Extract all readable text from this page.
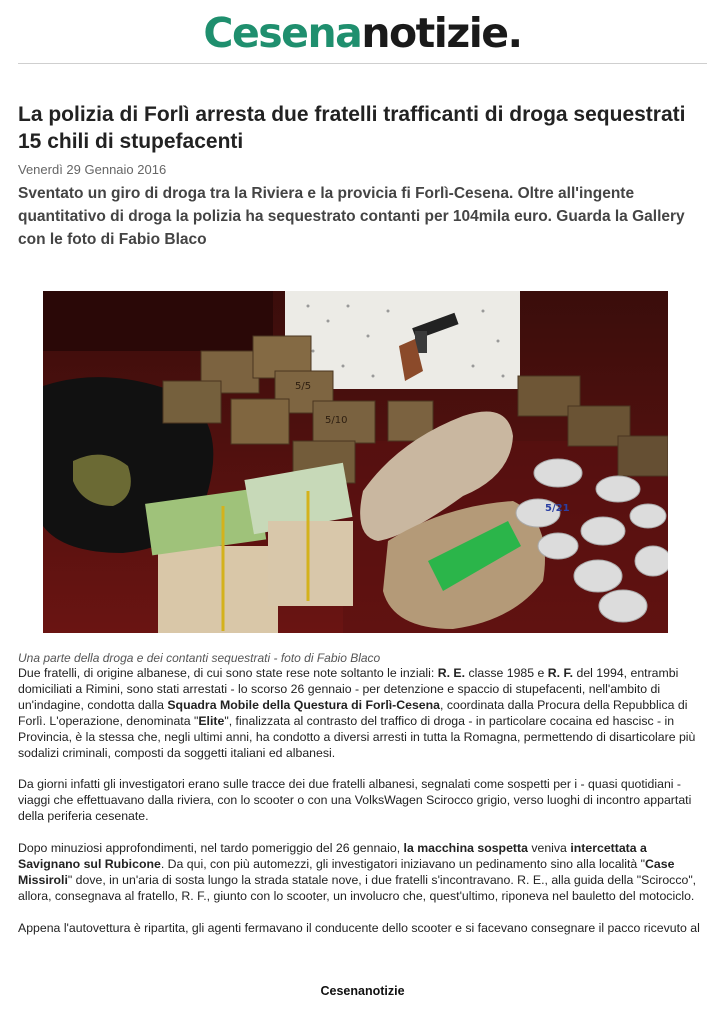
Cesenanotizie.
La polizia di Forlì arresta due fratelli trafficanti di droga sequestrati 15 chili di stupefacenti
Venerdì 29 Gennaio 2016

Sventato un giro di droga tra la Riviera e la provicia fi Forlì-Cesena. Oltre all'ingente quantitativo di droga la polizia ha sequestrato contanti per 104mila euro. Guarda la Gallery con le foto di Fabio Blaco

5/5
5/10
5/21
Una parte della droga e dei contanti sequestrati - foto di Fabio Blaco

Due fratelli, di origine albanese, di cui sono state rese note soltanto le inziali: R. E. classe 1985 e R. F. del 1994, entrambi domiciliati a Rimini, sono stati arrestati - lo scorso 26 gennaio - per detenzione e spaccio di stupefacenti, nell'ambito di un'indagine, condotta dalla Squadra Mobile della Questura di Forlì-Cesena, coordinata dalla Procura della Repubblica di Forlì. L'operazione, denominata "Elite", finalizzata al contrasto del traffico di droga - in particolare cocaina ed hascisc - in Provincia, è la stessa che, negli ultimi anni, ha condotto a diversi arresti in tutta la Romagna, permettendo di disarticolare più sodalizi criminali, composti da soggetti italiani ed albanesi.

Da giorni infatti gli investigatori erano sulle tracce dei due fratelli albanesi, segnalati come sospetti per i - quasi quotidiani - viaggi che effettuavano dalla riviera, con lo scooter o con una VolksWagen Scirocco grigio, verso luoghi di incontro appartati della periferia cesenate.

Dopo minuziosi approfondimenti, nel tardo pomeriggio del 26 gennaio, la macchina sospetta veniva intercettata a Savignano sul Rubicone. Da qui, con più automezzi, gli investigatori iniziavano un pedinamento sino alla località "Case Missiroli" dove, in un'aria di sosta lungo la strada statale nove, i due fratelli s'incontravano. R. E., alla guida della "Scirocco", allora, consegnava al fratello, R. F., giunto con lo scooter, un involucro che, quest'ultimo, riponeva nel bauletto del motociclo.

Appena l'autovettura è ripartita, gli agenti fermavano il conducente dello scooter e si facevano consegnare il pacco ricevuto al

Cesenanotizie
